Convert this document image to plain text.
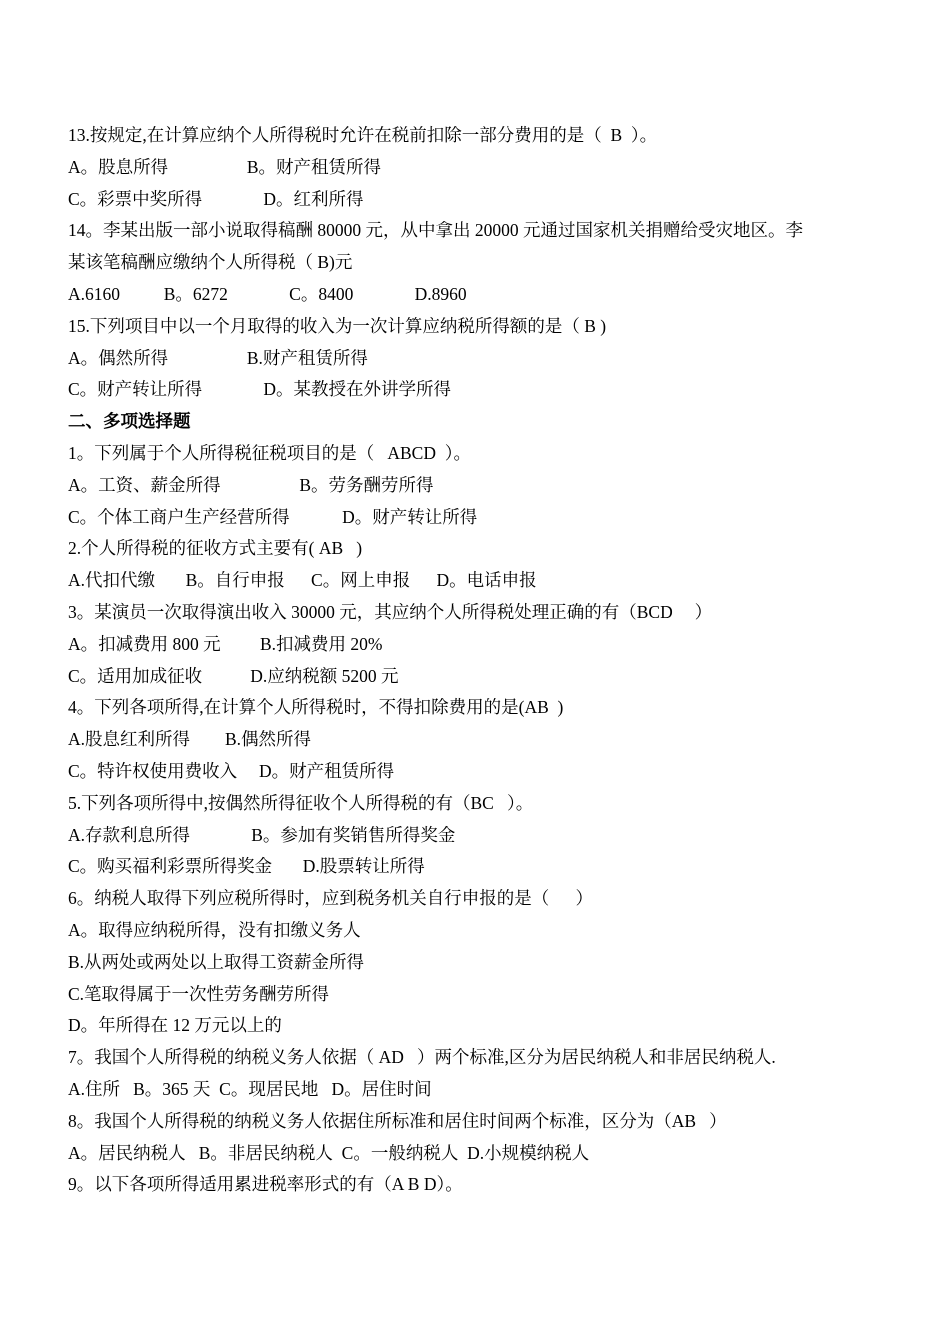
13.按规定,在计算应纳个人所得税时允许在税前扣除一部分费用的是（  B  ）。
A。股息所得                  B。财产租赁所得
C。彩票中奖所得              D。红利所得
14。李某出版一部小说取得稿酬 80000 元，从中拿出 20000 元通过国家机关捐赠给受灾地区。李
某该笔稿酬应缴纳个人所得税（ B)元
A.6160          B。6272              C。8400              D.8960
15.下列项目中以一个月取得的收入为一次计算应纳税所得额的是（ B )
A。偶然所得                  B.财产租赁所得
C。财产转让所得              D。某教授在外讲学所得
二、多项选择题
1。下列属于个人所得税征税项目的是（   ABCD  ）。
A。工资、薪金所得                  B。劳务酬劳所得
C。个体工商户生产经营所得            D。财产转让所得
2.个人所得税的征收方式主要有( AB   )
A.代扣代缴       B。自行申报      C。网上申报      D。电话申报
3。某演员一次取得演出收入 30000 元，其应纳个人所得税处理正确的有（BCD     ）
A。扣减费用 800 元         B.扣减费用 20%
C。适用加成征收           D.应纳税额 5200 元
4。下列各项所得,在计算个人所得税时，不得扣除费用的是(AB  )
A.股息红利所得        B.偶然所得
C。特许权使用费收入     D。财产租赁所得
5.下列各项所得中,按偶然所得征收个人所得税的有（BC   ）。
A.存款利息所得              B。参加有奖销售所得奖金
C。购买福利彩票所得奖金       D.股票转让所得
6。纳税人取得下列应税所得时，应到税务机关自行申报的是（      ）
A。取得应纳税所得，没有扣缴义务人
B.从两处或两处以上取得工资薪金所得
C.笔取得属于一次性劳务酬劳所得
D。年所得在 12 万元以上的
7。我国个人所得税的纳税义务人依据（ AD   ）两个标准,区分为居民纳税人和非居民纳税人.
A.住所   B。365 天  C。现居民地   D。居住时间
8。我国个人所得税的纳税义务人依据住所标准和居住时间两个标准，区分为（AB   ）
A。居民纳税人   B。非居民纳税人  C。一般纳税人  D.小规模纳税人
9。以下各项所得适用累进税率形式的有（A B D）。
